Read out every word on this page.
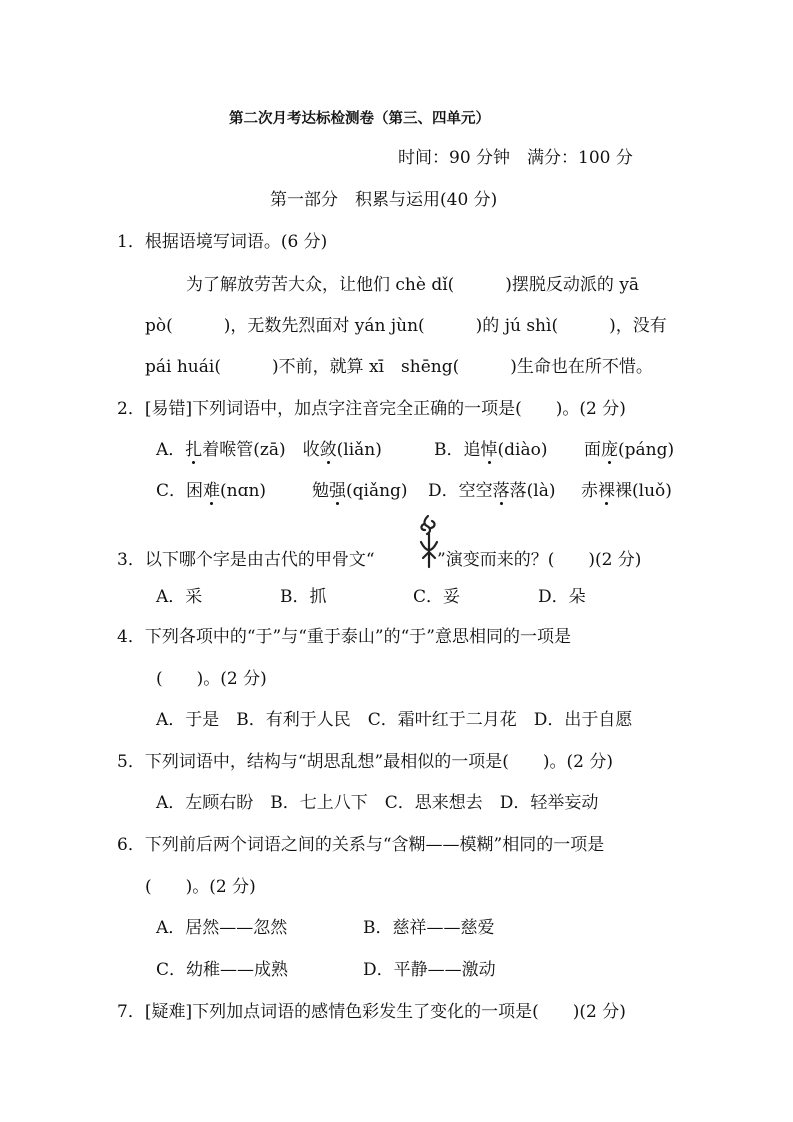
第二次月考达标检测卷（第三、四单元）
时间：90 分钟　满分：100 分
第一部分　积累与运用(40 分)
1．根据语境写词语。(6 分)
为了解放劳苦大众，让他们 chè dǐ(　　　)摆脱反动派的 yā
pò(　　　)，无数先烈面对 yán jùn(　　　)的 jú shì(　　　)，没有
pái huái(　　　)不前，就算 xī　shēng(　　　)生命也在所不惜。
2．[易错]下列词语中，加点字注音完全正确的一项是(　　)。(2 分)
A．扎着喉管(zā)　收敛(liǎn)	B．追悼(diào) 面庞(páng)
C．困难(nɑn)	勉强(qiǎng) D．空空落落(là) 赤裸裸(luǒ)
3．以下哪个字是由古代的甲骨文“	”演变而来的？(　　)(2 分)
A．采	B．抓	C．妥	D．朵
4．下列各项中的“于”与“重于泰山”的“于”意思相同的一项是
(　　)。(2 分)
A．于是　B．有利于人民　C．霜叶红于二月花　D．出于自愿
5．下列词语中，结构与“胡思乱想”最相似的一项是(　　)。(2 分)
A．左顾右盼　B．七上八下　C．思来想去　D．轻举妄动
6．下列前后两个词语之间的关系与“含糊——模糊”相同的一项是
(　　)。(2 分)
A．居然——忽然	B．慈祥——慈爱
C．幼稚——成熟	D．平静——激动
7．[疑难]下列加点词语的感情色彩发生了变化的一项是(　　)(2 分)
